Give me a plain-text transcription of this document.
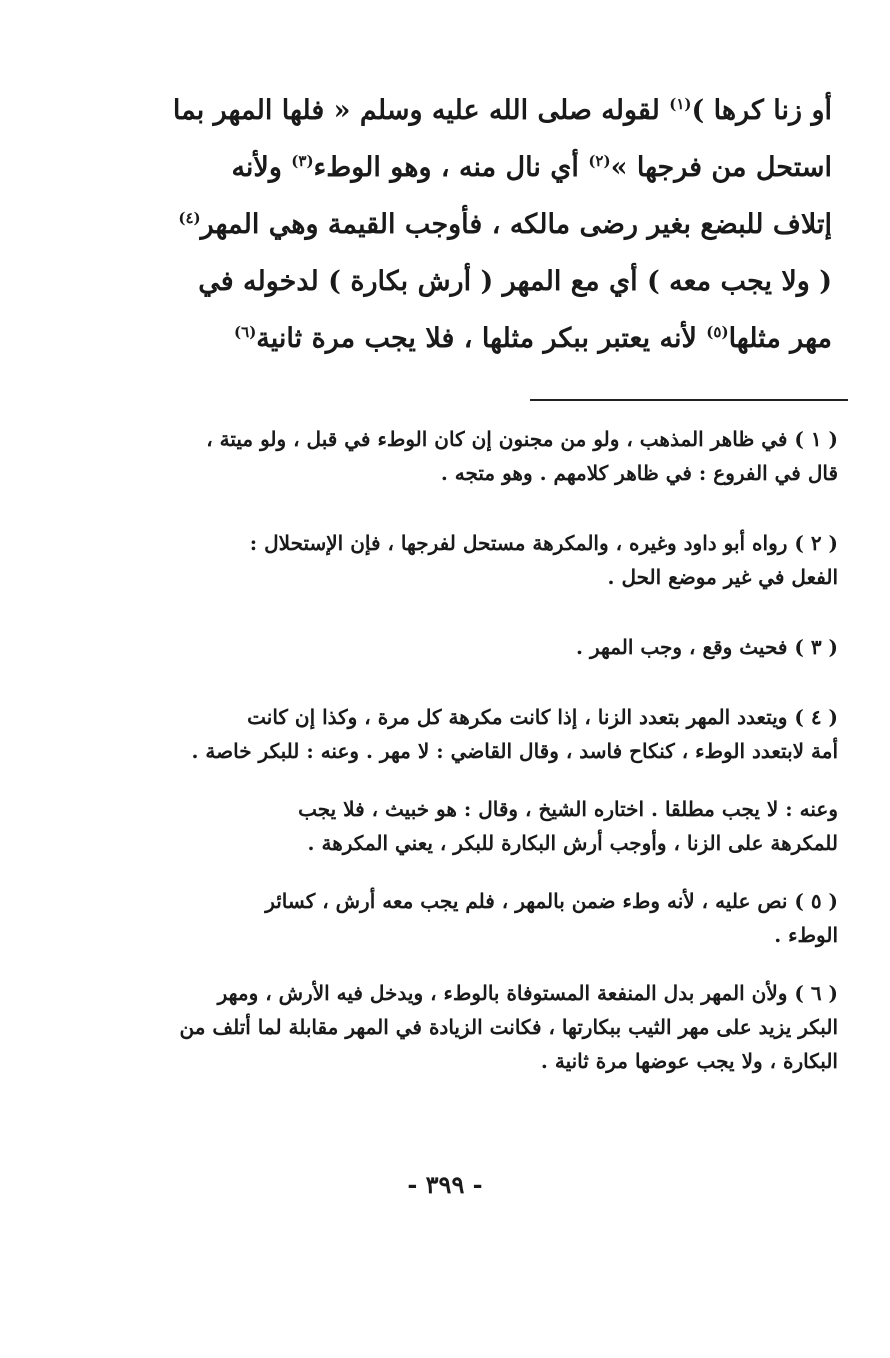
أو زنا كرها )$^{(١)}$ لقوله صلى الله عليه وسلم « فلها المهر بما
استحل من فرجها »$^{(٢)}$ أي نال منه ، وهو الوطء$^{(٣)}$ ولأنه
إتلاف للبضع بغير رضى مالكه ، فأوجب القيمة وهي المهر$^{(٤)}$
( ولا يجب معه ) أي مع المهر ( أرش بكارة ) لدخوله في
مهر مثلها$^{(٥)}$ لأنه يعتبر ببكر مثلها ، فلا يجب مرة ثانية$^{(٦)}$
( ١ ) في ظاهر المذهب ، ولو من مجنون إن كان الوطء في قبل ، ولو ميتة ،
قال في الفروع : في ظاهر كلامهم . وهو متجه .
( ٢ ) رواه أبو داود وغيره ، والمكرهة مستحل لفرجها ، فإن الإستحلال :
الفعل في غير موضع الحل .
( ٣ ) فحيث وقع ، وجب المهر .
( ٤ ) ويتعدد المهر بتعدد الزنا ، إذا كانت مكرهة كل مرة ، وكذا إن كانت
أمة لابتعدد الوطء ، كنكاح فاسد ، وقال القاضي : لا مهر . وعنه : للبكر خاصة .
وعنه : لا يجب مطلقا . اختاره الشيخ ، وقال : هو خبيث ، فلا يجب
للمكرهة على الزنا ، وأوجب أرش البكارة للبكر ، يعني المكرهة .
( ٥ ) نص عليه ، لأنه وطء ضمن بالمهر ، فلم يجب معه أرش ، كسائر
الوطء .
( ٦ ) ولأن المهر بدل المنفعة المستوفاة بالوطء ، ويدخل فيه الأرش ، ومهر
البكر يزيد على مهر الثيب ببكارتها ، فكانت الزيادة في المهر مقابلة لما أتلف من
البكارة ، ولا يجب عوضها مرة ثانية .
- ٣٩٩ -
